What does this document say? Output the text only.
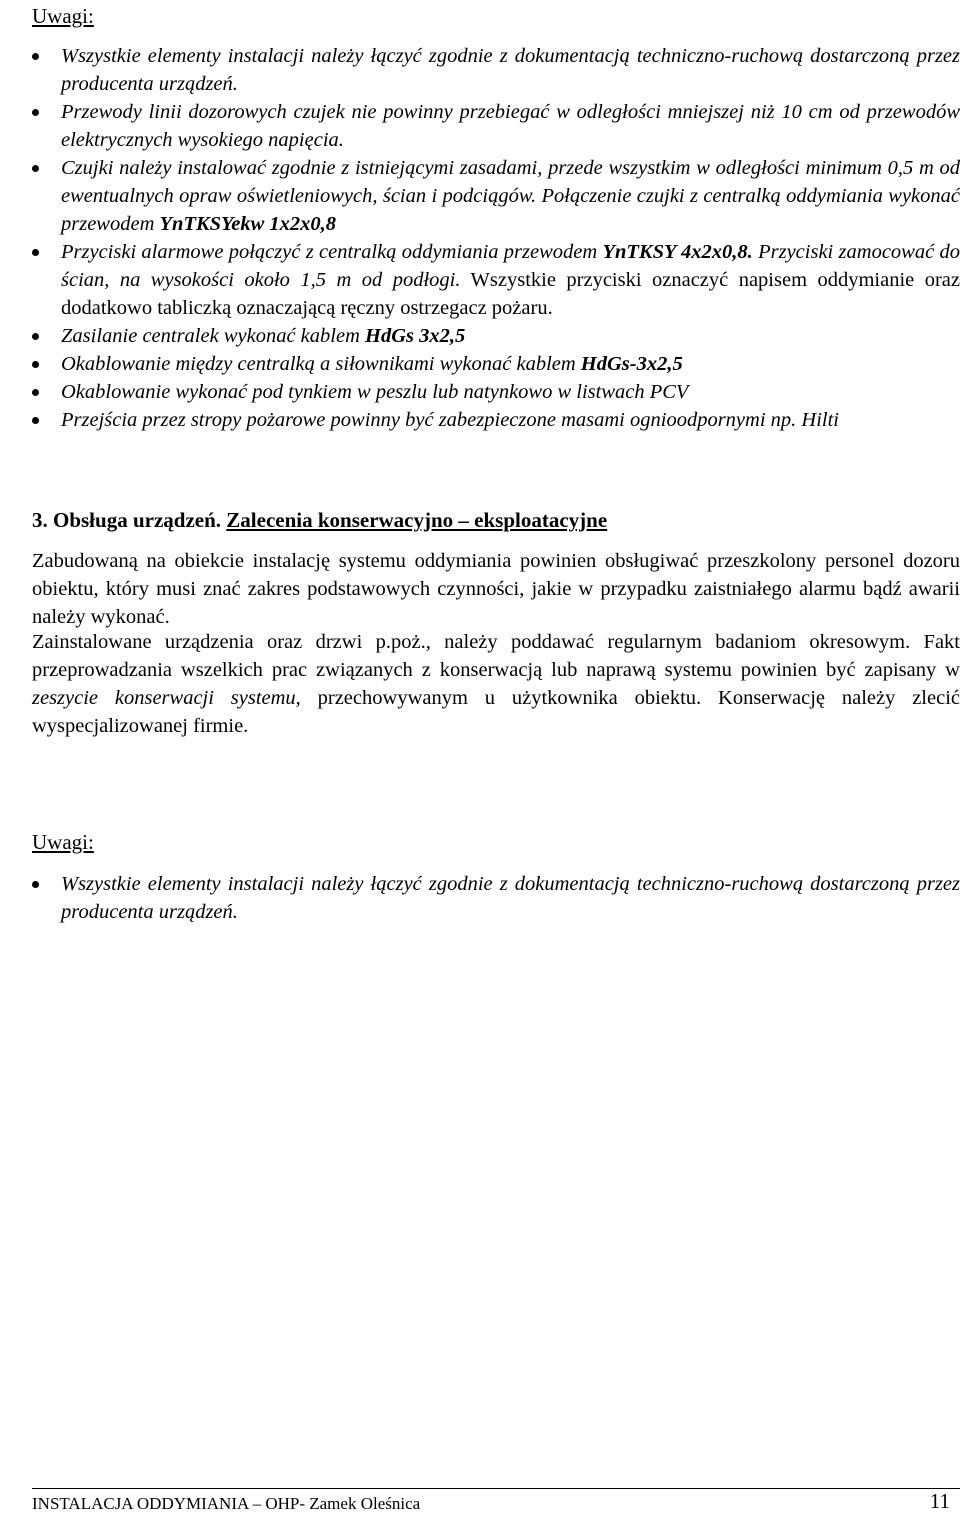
Uwagi:
Wszystkie elementy instalacji należy łączyć zgodnie z dokumentacją techniczno-ruchową dostarczoną przez producenta urządzeń.
Przewody linii dozorowych czujek nie powinny przebiegać w odległości mniejszej niż 10 cm od przewodów elektrycznych wysokiego napięcia.
Czujki należy instalować zgodnie z istniejącymi zasadami, przede wszystkim w odległości minimum 0,5 m od ewentualnych opraw oświetleniowych, ścian i podciągów. Połączenie czujki z centralką oddymiania wykonać przewodem YnTKSYekw 1x2x0,8
Przyciski alarmowe połączyć z centralką oddymiania przewodem YnTKSY 4x2x0,8. Przyciski zamocować do ścian, na wysokości około 1,5 m od podłogi. Wszystkie przyciski oznaczyć napisem oddymianie oraz dodatkowo tabliczką oznaczającą ręczny ostrzegacz pożaru.
Zasilanie centralek wykonać kablem HdGs 3x2,5
Okablowanie między centralką a siłownikami wykonać kablem HdGs-3x2,5
Okablowanie wykonać pod tynkiem w peszlu lub natynkowo w listwach PCV
Przejścia przez stropy pożarowe powinny być zabezpieczone masami ognioodpornymi np. Hilti
3. Obsługa urządzeń. Zalecenia konserwacyjno – eksploatacyjne
Zabudowaną na obiekcie instalację systemu oddymiania powinien obsługiwać przeszkolony personel dozoru obiektu, który musi znać zakres podstawowych czynności, jakie w przypadku zaistniałego alarmu bądź awarii należy wykonać.
Zainstalowane urządzenia oraz drzwi p.poż., należy poddawać regularnym badaniom okresowym. Fakt przeprowadzania wszelkich prac związanych z konserwacją lub naprawą systemu powinien być zapisany w zeszycie konserwacji systemu, przechowywanym u użytkownika obiektu. Konserwację należy zlecić wyspecjalizowanej firmie.
Uwagi:
Wszystkie elementy instalacji należy łączyć zgodnie z dokumentacją techniczno-ruchową dostarczoną przez producenta urządzeń.
INSTALACJA ODDYMIANIA – OHP- Zamek Oleśnica	11
